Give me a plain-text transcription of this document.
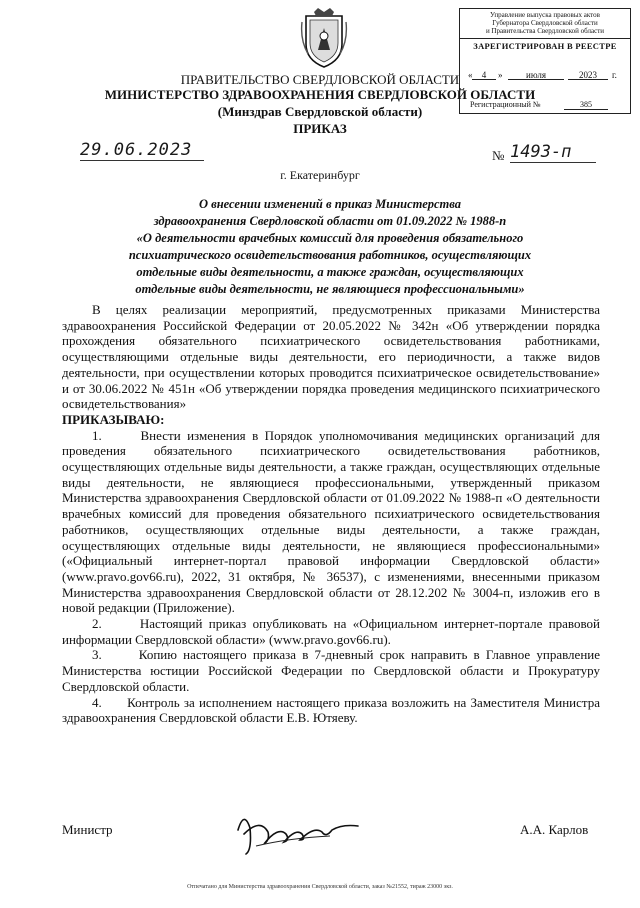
Управление выпуска правовых актов
Губернатора Свердловской области
и Правительства Свердловской области
ЗАРЕГИСТРИРОВАН В РЕЕСТРЕ
«	4	»	июля	2023	г.
Регистрационный №	385
ПРАВИТЕЛЬСТВО СВЕРДЛОВСКОЙ ОБЛАСТИ
МИНИСТЕРСТВО ЗДРАВООХРАНЕНИЯ СВЕРДЛОВСКОЙ ОБЛАСТИ
(Минздрав Свердловской области)
ПРИКАЗ
29.06.2023	№ 1493-п
г. Екатеринбург
О внесении изменений в приказ Министерства
здравоохранения Свердловской области от 01.09.2022 № 1988-п
«О деятельности врачебных комиссий для проведения обязательного
психиатрического освидетельствования работников, осуществляющих
отдельные виды деятельности, а также граждан, осуществляющих
отдельные виды деятельности, не являющиеся профессиональными»

В целях реализации мероприятий, предусмотренных приказами Министерства здравоохранения Российской Федерации от 20.05.2022 № 342н «Об утверждении порядка прохождения обязательного психиатрического освидетельствования работниками, осуществляющими отдельные виды деятельности, его периодичности, а также видов деятельности, при осуществлении которых проводится психиатрическое освидетельствование» и от 30.06.2022 № 451н «Об утверждении порядка проведения медицинского психиатрического освидетельствования»

ПРИКАЗЫВАЮ:

1.	Внести изменения в Порядок уполномочивания медицинских организаций для проведения обязательного психиатрического освидетельствования работников, осуществляющих отдельные виды деятельности, а также граждан, осуществляющих отдельные виды деятельности, не являющиеся профессиональными, утвержденный приказом Министерства здравоохранения Свердловской области от 01.09.2022 № 1988-п «О деятельности врачебных комиссий для проведения обязательного психиатрического освидетельствования работников, осуществляющих отдельные виды деятельности, а также граждан, осуществляющих отдельные виды деятельности, не являющиеся профессиональными» («Официальный интернет-портал правовой информации Свердловской области» (www.pravo.gov66.ru), 2022, 31 октября, № 36537), с изменениями, внесенными приказом Министерства здравоохранения Свердловской области от 28.12.202 № 3004-п, изложив его в новой редакции (Приложение).

2.	Настоящий приказ опубликовать на «Официальном интернет-портале правовой информации Свердловской области» (www.pravo.gov66.ru).

3.	Копию настоящего приказа в 7-дневный срок направить в Главное управление Министерства юстиции Российской Федерации по Свердловской области и Прокуратуру Свердловской области.

4. Контроль за исполнением настоящего приказа возложить на Заместителя Министра здравоохранения Свердловской области Е.В. Ютяеву.

Министр	А.А. Карлов
Отпечатано для Министерства здравоохранения Свердловской области, заказ №21552, тираж 23000 экз.
